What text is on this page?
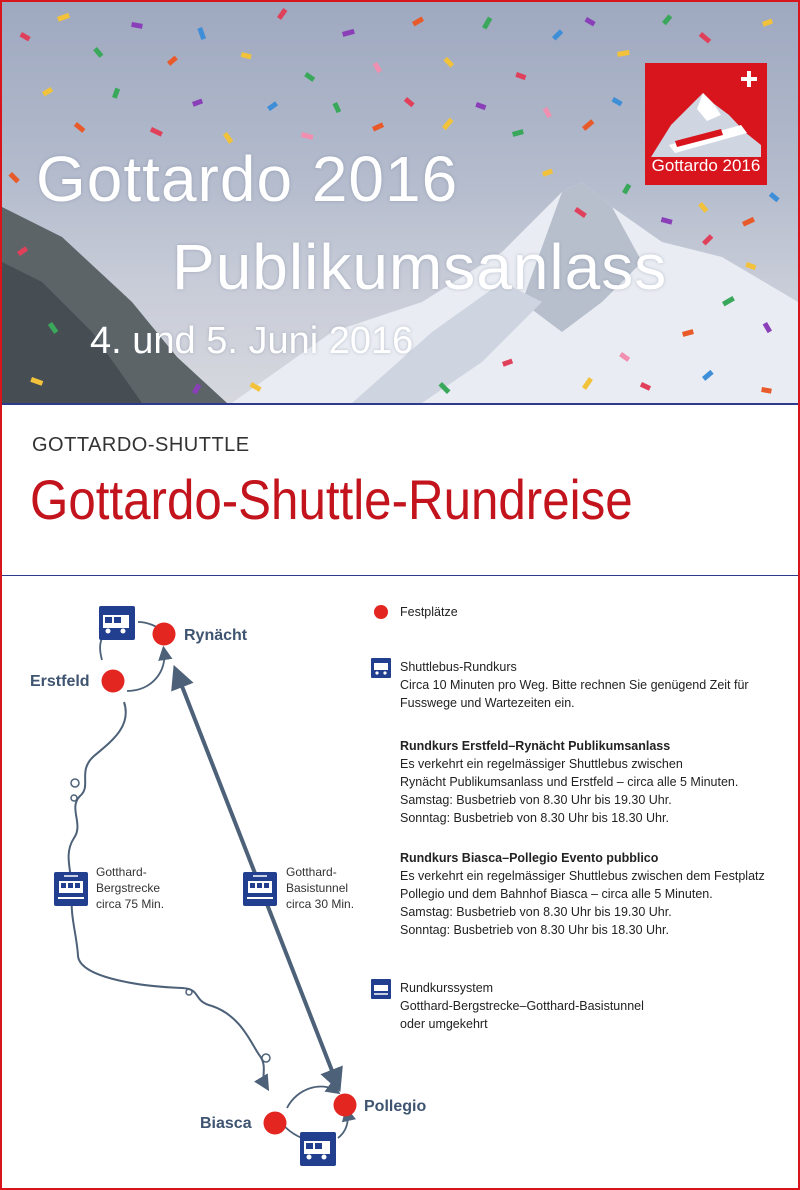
Gottardo 2016
Publikumsanlass
4. und 5. Juni 2016
Gottardo 2016
GOTTARDO-SHUTTLE
Gottardo-Shuttle-Rundreise
Rynächt
Erstfeld
Biasca
Pollegio
Gotthard-
Bergstrecke
circa 75 Min.
Gotthard-
Basistunnel
circa 30 Min.
Festplätze
Shuttlebus-Rundkurs
Circa 10 Minuten pro Weg. Bitte rechnen Sie genügend Zeit für
Fusswege und Wartezeiten ein.
Rundkurs Erstfeld–Rynächt Publikumsanlass
Es verkehrt ein regelmässiger Shuttlebus zwischen
Rynächt Publikumsanlass und Erstfeld – circa alle 5 Minuten.
Samstag: Busbetrieb von 8.30 Uhr bis 19.30 Uhr.
Sonntag: Busbetrieb von 8.30 Uhr bis 18.30 Uhr.
Rundkurs Biasca–Pollegio Evento pubblico
Es verkehrt ein regelmässiger Shuttlebus zwischen dem Festplatz
Pollegio und dem Bahnhof Biasca – circa alle 5 Minuten.
Samstag: Busbetrieb von 8.30 Uhr bis 19.30 Uhr.
Sonntag: Busbetrieb von 8.30 Uhr bis 18.30 Uhr.
Rundkurssystem
Gotthard-Bergstrecke–Gotthard-Basistunnel
oder umgekehrt
